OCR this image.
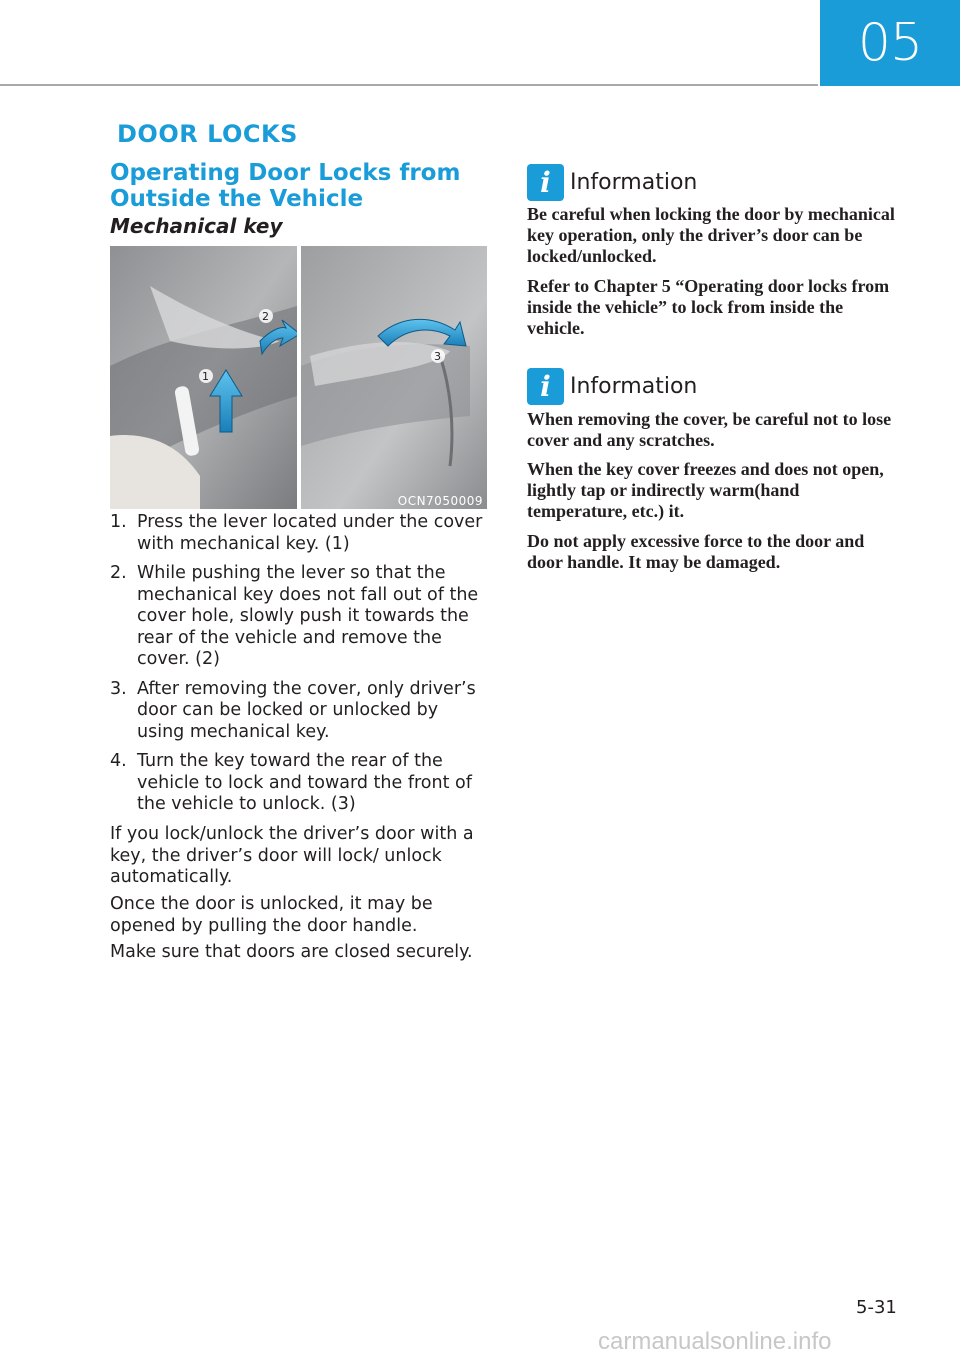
05
DOOR LOCKS
Operating Door Locks from Outside the Vehicle
Mechanical key
1
2
3
OCN7050009
1. Press the lever located under the cover with mechanical key. (1)
2. While pushing the lever so that the mechanical key does not fall out of the cover hole, slowly push it towards the rear of the vehicle and remove the cover. (2)
3. After removing the cover, only driver’s door can be locked or unlocked by using mechanical key.
4. Turn the key toward the rear of the vehicle to lock and toward the front of the vehicle to unlock. (3)

If you lock/unlock the driver’s door with a key, the driver’s door will lock/ unlock automatically.

Once the door is unlocked, it may be opened by pulling the door handle.

Make sure that doors are closed securely.

i Information

Be careful when locking the door by mechanical key operation, only the driver’s door can be locked/unlocked.

Refer to Chapter 5 “Operating door locks from inside the vehicle” to lock from inside the vehicle.

i Information

When removing the cover, be careful not to lose cover and any scratches.

When the key cover freezes and does not open, lightly tap or indirectly warm(hand temperature, etc.) it.

Do not apply excessive force to the door and door handle. It may be damaged.

5-31
carmanualsonline.info
